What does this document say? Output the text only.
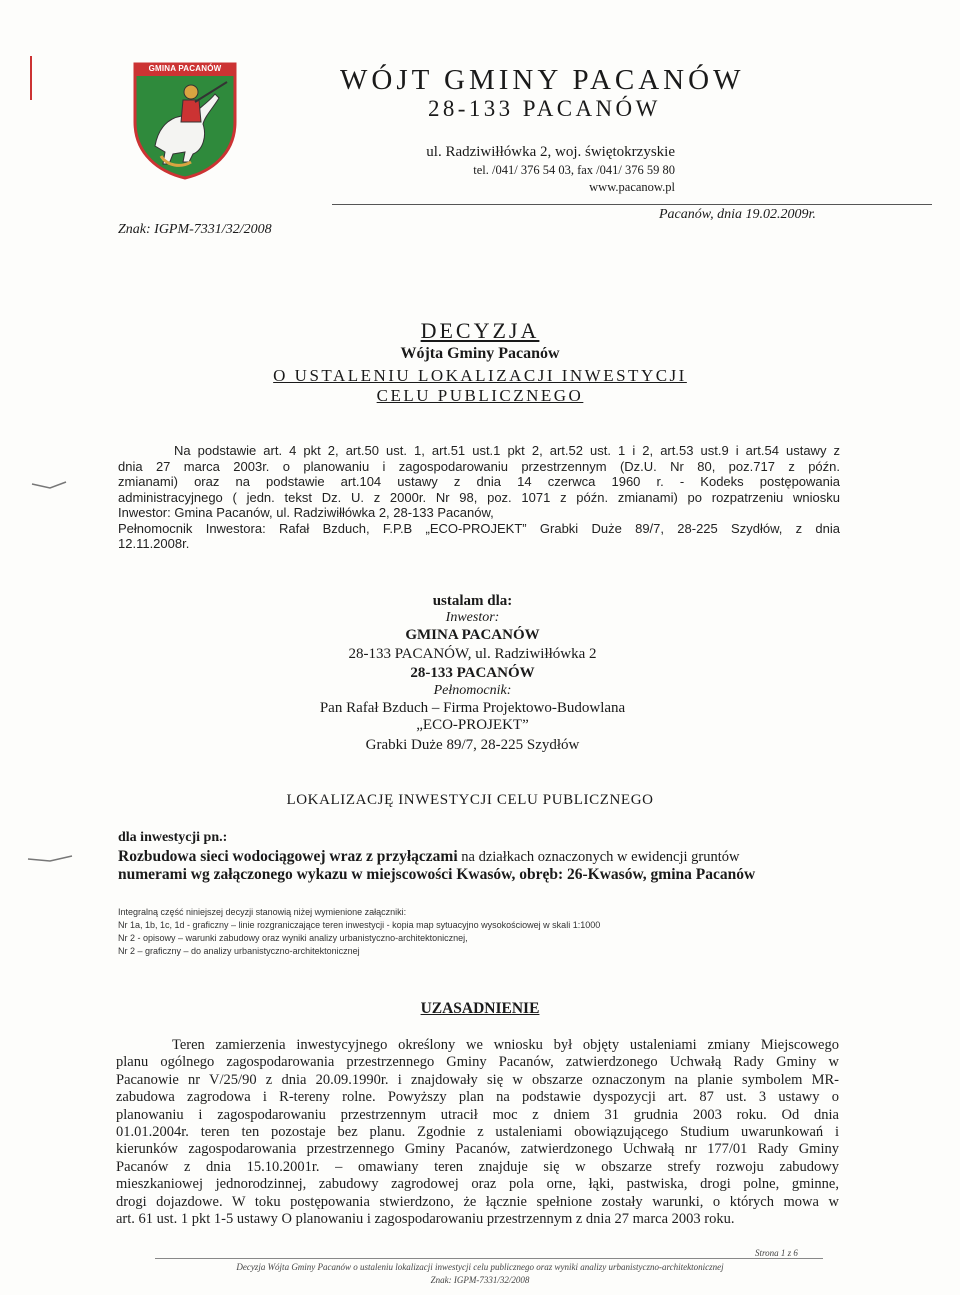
GMINA PACANÓW	WÓJT GMINY PACANÓW
28-133 PACANÓW
ul. Radziwiłłówka 2, woj. świętokrzyskie
tel. /041/ 376 54 03, fax /041/ 376 59 80
www.pacanow.pl
Znak: IGPM-7331/32/2008
Pacanów, dnia 19.02.2009r.
DECYZJA
Wójta Gminy Pacanów
O USTALENIU LOKALIZACJI INWESTYCJI
CELU PUBLICZNEGO
Na podstawie art. 4 pkt 2, art.50 ust. 1, art.51 ust.1 pkt 2, art.52 ust. 1 i 2, art.53 ust.9 i art.54 ustawy z
dnia 27 marca 2003r. o planowaniu i zagospodarowaniu przestrzennym (Dz.U. Nr 80, poz.717 z późn.
zmianami) oraz na podstawie art.104 ustawy z dnia 14 czerwca 1960 r. - Kodeks postępowania
administracyjnego ( jedn. tekst Dz. U. z 2000r. Nr 98, poz. 1071 z późn. zmianami) po rozpatrzeniu wniosku
Inwestor: Gmina Pacanów, ul. Radziwiłłówka 2, 28-133 Pacanów,
Pełnomocnik Inwestora: Rafał Bzduch, F.P.B „ECO-PROJEKT” Grabki Duże 89/7, 28-225 Szydłów, z dnia
12.11.2008r.
ustalam dla:
Inwestor:
GMINA PACANÓW
28-133 PACANÓW, ul. Radziwiłłówka 2
28-133 PACANÓW
Pełnomocnik:
Pan Rafał Bzduch – Firma Projektowo-Budowlana
„ECO-PROJEKT”
Grabki Duże 89/7, 28-225 Szydłów
LOKALIZACJĘ INWESTYCJI CELU PUBLICZNEGO
dla inwestycji pn.:
Rozbudowa sieci wodociągowej wraz z przyłączami na działkach oznaczonych w ewidencji gruntów
numerami wg załączonego wykazu w miejscowości Kwasów, obręb: 26-Kwasów, gmina Pacanów
Integralną część niniejszej decyzji stanowią niżej wymienione załączniki:
Nr 1a, 1b, 1c, 1d - graficzny – linie rozgraniczające teren inwestycji - kopia map sytuacyjno wysokościowej w skali 1:1000
Nr 2 - opisowy – warunki zabudowy oraz wyniki analizy urbanistyczno-architektonicznej,
Nr 2 – graficzny – do analizy urbanistyczno-architektonicznej
UZASADNIENIE
Teren zamierzenia inwestycyjnego określony we wniosku był objęty ustaleniami zmiany Miejscowego
planu ogólnego zagospodarowania przestrzennego Gminy Pacanów, zatwierdzonego Uchwałą Rady Gminy w
Pacanowie nr V/25/90 z dnia 20.09.1990r. i znajdowały się w obszarze oznaczonym na planie symbolem MR-
zabudowa zagrodowa i R-tereny rolne. Powyższy plan na podstawie dyspozycji art. 87 ust. 3 ustawy o
planowaniu i zagospodarowaniu przestrzennym utracił moc z dniem 31 grudnia 2003 roku. Od dnia
01.01.2004r. teren ten pozostaje bez planu. Zgodnie z ustaleniami obowiązującego Studium uwarunkowań i
kierunków zagospodarowania przestrzennego Gminy Pacanów, zatwierdzonego Uchwałą nr 177/01 Rady Gminy
Pacanów z dnia 15.10.2001r. – omawiany teren znajduje się w obszarze strefy rozwoju zabudowy
mieszkaniowej jednorodzinnej, zabudowy zagrodowej oraz pola orne, łąki, pastwiska, drogi polne, gminne,
drogi dojazdowe. W toku postępowania stwierdzono, że łącznie spełnione zostały warunki, o których mowa w
art. 61 ust. 1 pkt 1-5 ustawy O planowaniu i zagospodarowaniu przestrzennym z dnia 27 marca 2003 roku.
Strona 1 z 6
Decyzja Wójta Gminy Pacanów o ustaleniu lokalizacji inwestycji celu publicznego oraz wyniki analizy urbanistyczno-architektonicznej
Znak: IGPM-7331/32/2008
